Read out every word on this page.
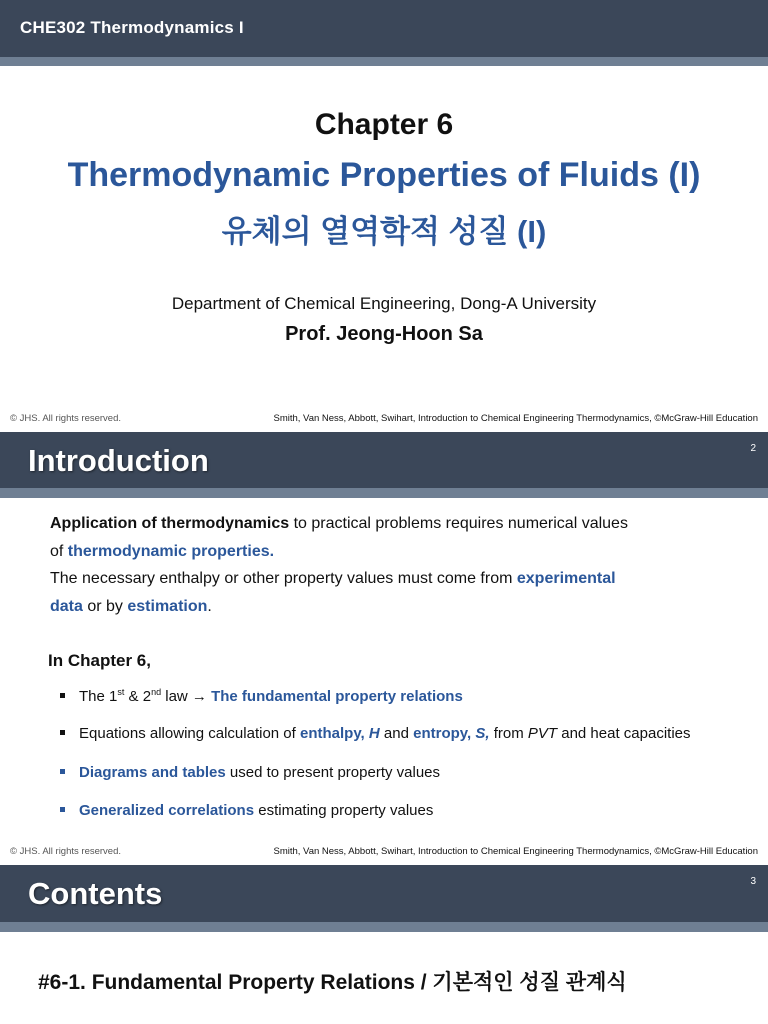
CHE302 Thermodynamics I
Chapter 6
Thermodynamic Properties of Fluids (I)
유체의 열역학적 성질 (I)
Department of Chemical Engineering, Dong-A University
Prof. Jeong-Hoon Sa
© JHS. All rights reserved.	Smith, Van Ness, Abbott, Swihart, Introduction to Chemical Engineering Thermodynamics, ©McGraw-Hill Education
Introduction	2
Application of thermodynamics to practical problems requires numerical values
of thermodynamic properties.
The necessary enthalpy or other property values must come from experimental
data or by estimation.
In Chapter 6,
The 1st & 2nd law → The fundamental property relations
Equations allowing calculation of enthalpy, H and entropy, S, from PVT and heat capacities
Diagrams and tables used to present property values
Generalized correlations estimating property values
© JHS. All rights reserved.	Smith, Van Ness, Abbott, Swihart, Introduction to Chemical Engineering Thermodynamics, ©McGraw-Hill Education
Contents	3
#6-1. Fundamental Property Relations / 기본적인 성질 관계식
